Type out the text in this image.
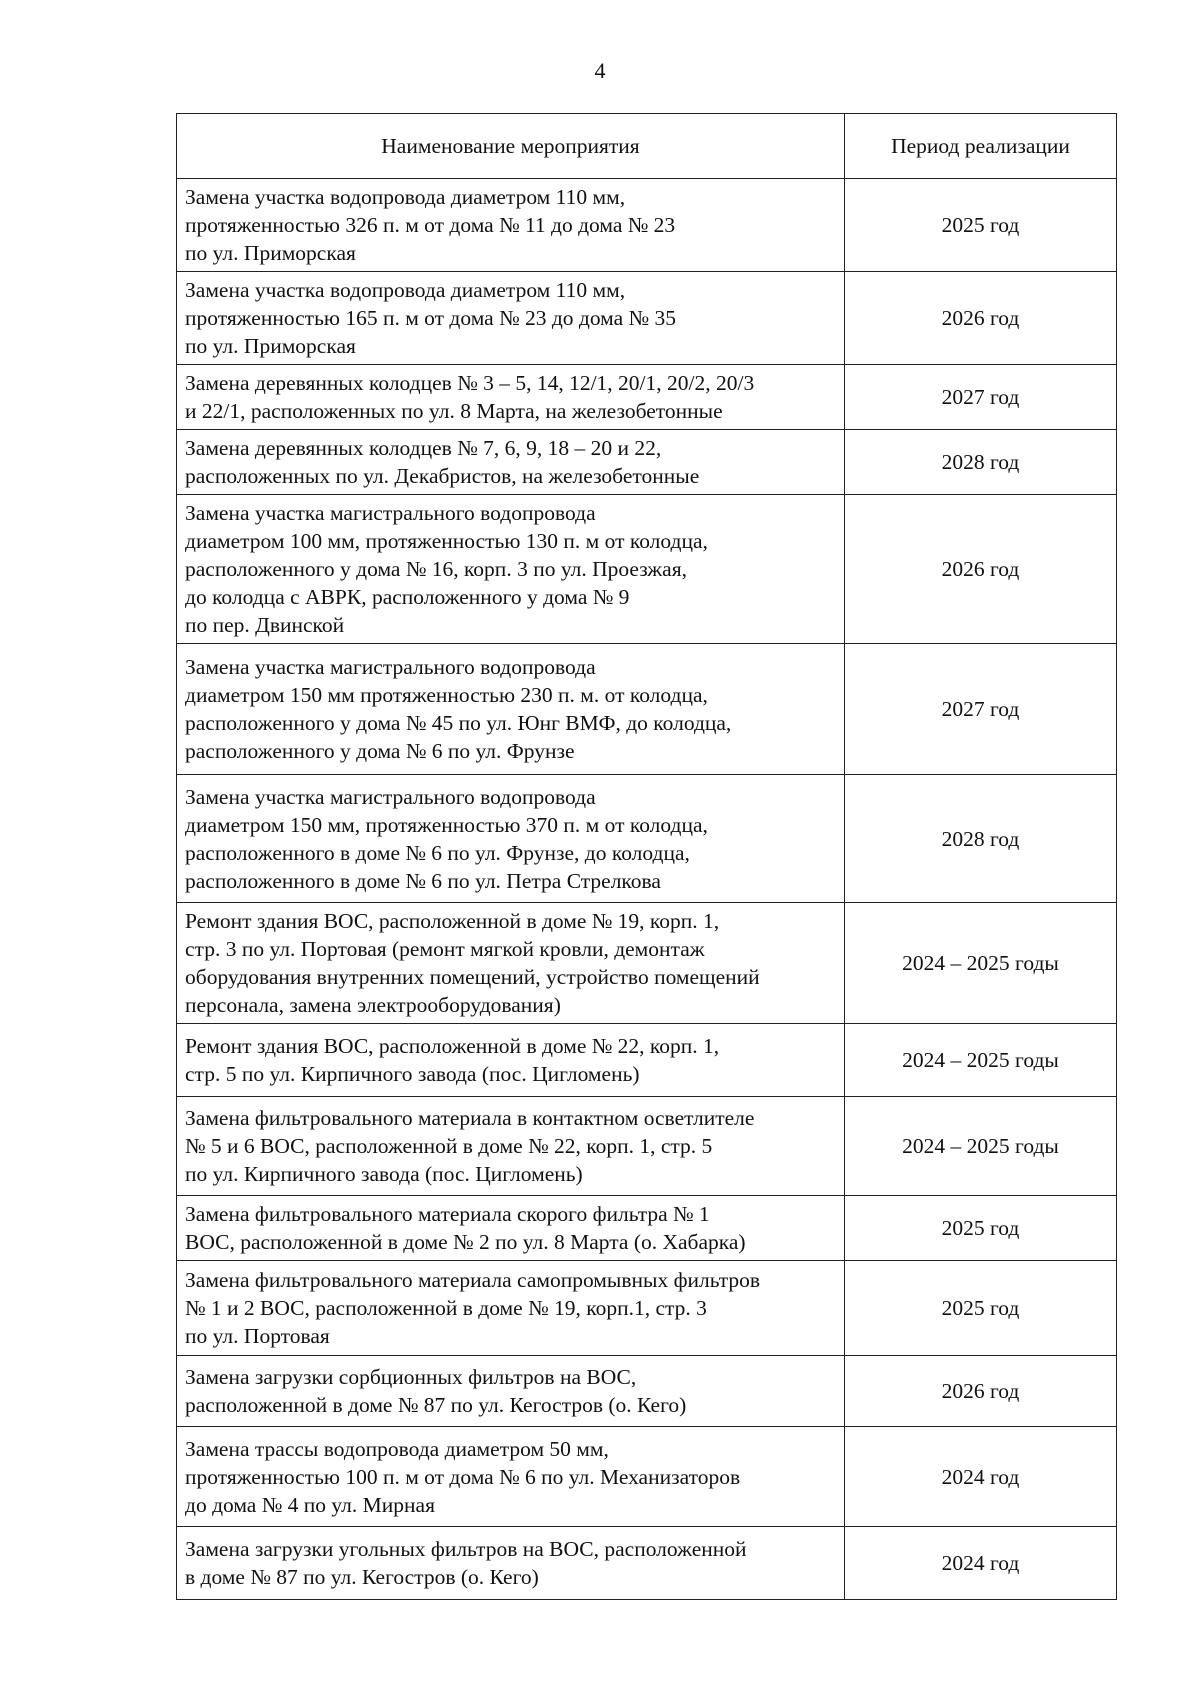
4
Наименование мероприятия	Период реализации
Замена участка водопровода диаметром 110 мм,
протяженностью 326 п. м от дома № 11 до дома № 23
по ул. Приморская	2025 год
Замена участка водопровода диаметром 110 мм,
протяженностью 165 п. м от дома № 23 до дома № 35
по ул. Приморская	2026 год
Замена деревянных колодцев № 3 – 5, 14, 12/1, 20/1, 20/2, 20/3
и 22/1, расположенных по ул. 8 Марта, на железобетонные	2027 год
Замена деревянных колодцев № 7, 6, 9, 18 – 20 и 22,
расположенных по ул. Декабристов, на железобетонные	2028 год
Замена участка магистрального водопровода
диаметром 100 мм, протяженностью 130 п. м от колодца,
расположенного у дома № 16, корп. 3 по ул. Проезжая,
до колодца с АВРК, расположенного у дома № 9
по пер. Двинской	2026 год
Замена участка магистрального водопровода
диаметром 150 мм протяженностью 230 п. м. от колодца,
расположенного у дома № 45 по ул. Юнг ВМФ, до колодца,
расположенного у дома № 6 по ул. Фрунзе	2027 год
Замена участка магистрального водопровода
диаметром 150 мм, протяженностью 370 п. м от колодца,
расположенного в доме № 6 по ул. Фрунзе, до колодца,
расположенного в доме № 6 по ул. Петра Стрелкова	2028 год
Ремонт здания ВОС, расположенной в доме № 19, корп. 1,
стр. 3 по ул. Портовая (ремонт мягкой кровли, демонтаж
оборудования внутренних помещений, устройство помещений
персонала, замена электрооборудования)	2024 – 2025 годы
Ремонт здания ВОС, расположенной в доме № 22, корп. 1,
стр. 5 по ул. Кирпичного завода (пос. Цигломень)	2024 – 2025 годы
Замена фильтровального материала в контактном осветлителе
№ 5 и 6 ВОС, расположенной в доме № 22, корп. 1, стр. 5
по ул. Кирпичного завода (пос. Цигломень)	2024 – 2025 годы
Замена фильтровального материала скорого фильтра № 1
ВОС, расположенной в доме № 2 по ул. 8 Марта (о. Хабарка)	2025 год
Замена фильтровального материала самопромывных фильтров
№ 1 и 2 ВОС, расположенной в доме № 19, корп.1, стр. 3
по ул. Портовая	2025 год
Замена загрузки сорбционных фильтров на ВОС,
расположенной в доме № 87 по ул. Кегостров (о. Кего)	2026 год
Замена трассы водопровода диаметром 50 мм,
протяженностью 100 п. м от дома № 6 по ул. Механизаторов
до дома № 4 по ул. Мирная	2024 год
Замена загрузки угольных фильтров на ВОС, расположенной
в доме № 87 по ул. Кегостров (о. Кего)	2024 год
